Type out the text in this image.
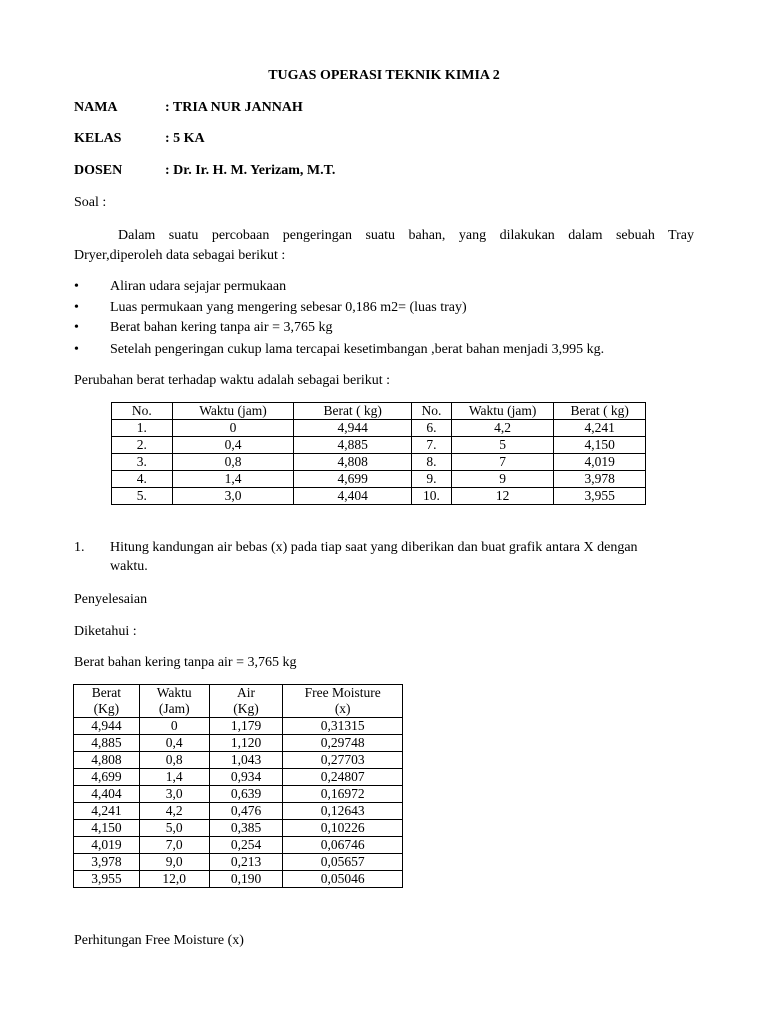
TUGAS OPERASI TEKNIK KIMIA 2
NAMA	: TRIA NUR JANNAH
KELAS	: 5 KA
DOSEN	: Dr. Ir. H. M. Yerizam, M.T.
Soal :
Dalam suatu percobaan pengeringan suatu bahan, yang dilakukan dalam sebuah Tray
Dryer,diperoleh data sebagai berikut :
• Aliran udara sejajar permukaan
• Luas permukaan yang mengering sebesar 0,186 m2= (luas tray)
• Berat bahan kering tanpa air = 3,765 kg
• Setelah pengeringan cukup lama tercapai kesetimbangan ,berat bahan menjadi 3,995 kg.
Perubahan berat terhadap waktu adalah sebagai berikut :
No.	Waktu (jam)	Berat ( kg)	No.	Waktu (jam)	Berat ( kg)
1.	0	4,944	6.	4,2	4,241
2.	0,4	4,885	7.	5	4,150
3.	0,8	4,808	8.	7	4,019
4.	1,4	4,699	9.	9	3,978
5.	3,0	4,404	10.	12	3,955
1. Hitung kandungan air bebas (x) pada tiap saat yang diberikan dan buat grafik antara X dengan
waktu.
Penyelesaian
Diketahui :
Berat bahan kering tanpa air = 3,765 kg
Berat
(Kg)	Waktu
(Jam)	Air
(Kg)	Free Moisture
(x)
4,944	0	1,179	0,31315
4,885	0,4	1,120	0,29748
4,808	0,8	1,043	0,27703
4,699	1,4	0,934	0,24807
4,404	3,0	0,639	0,16972
4,241	4,2	0,476	0,12643
4,150	5,0	0,385	0,10226
4,019	7,0	0,254	0,06746
3,978	9,0	0,213	0,05657
3,955	12,0	0,190	0,05046
Perhitungan Free Moisture (x)
